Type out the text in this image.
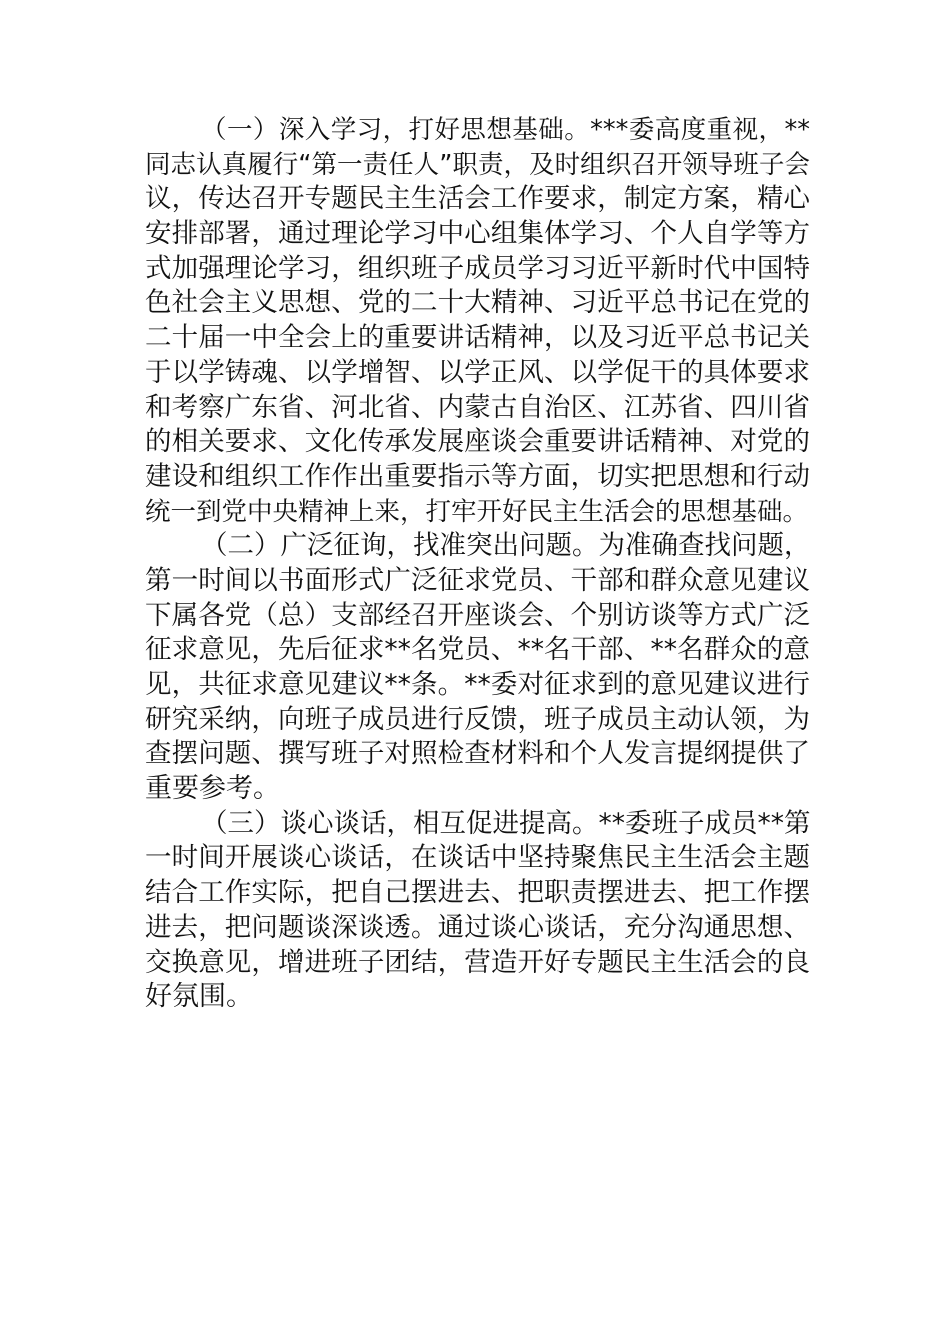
（一）深入学习，打好思想基础。***委高度重视，**
同志认真履行“第一责任人”职责，及时组织召开领导班子会
议，传达召开专题民主生活会工作要求，制定方案，精心
安排部署，通过理论学习中心组集体学习、个人自学等方
式加强理论学习，组织班子成员学习习近平新时代中国特
色社会主义思想、党的二十大精神、习近平总书记在党的
二十届一中全会上的重要讲话精神，以及习近平总书记关
于以学铸魂、以学增智、以学正风、以学促干的具体要求
和考察广东省、河北省、内蒙古自治区、江苏省、四川省
的相关要求、文化传承发展座谈会重要讲话精神、对党的
建设和组织工作作出重要指示等方面，切实把思想和行动
统一到党中央精神上来，打牢开好民主生活会的思想基础。
（二）广泛征询，找准突出问题。为准确查找问题，
第一时间以书面形式广泛征求党员、干部和群众意见建议
下属各党（总）支部经召开座谈会、个别访谈等方式广泛
征求意见，先后征求**名党员、**名干部、**名群众的意
见，共征求意见建议**条。**委对征求到的意见建议进行
研究采纳，向班子成员进行反馈，班子成员主动认领，为
查摆问题、撰写班子对照检查材料和个人发言提纲提供了
重要参考。
（三）谈心谈话，相互促进提高。**委班子成员**第
一时间开展谈心谈话，在谈话中坚持聚焦民主生活会主题
结合工作实际，把自己摆进去、把职责摆进去、把工作摆
进去，把问题谈深谈透。通过谈心谈话，充分沟通思想、
交换意见，增进班子团结，营造开好专题民主生活会的良
好氛围。
